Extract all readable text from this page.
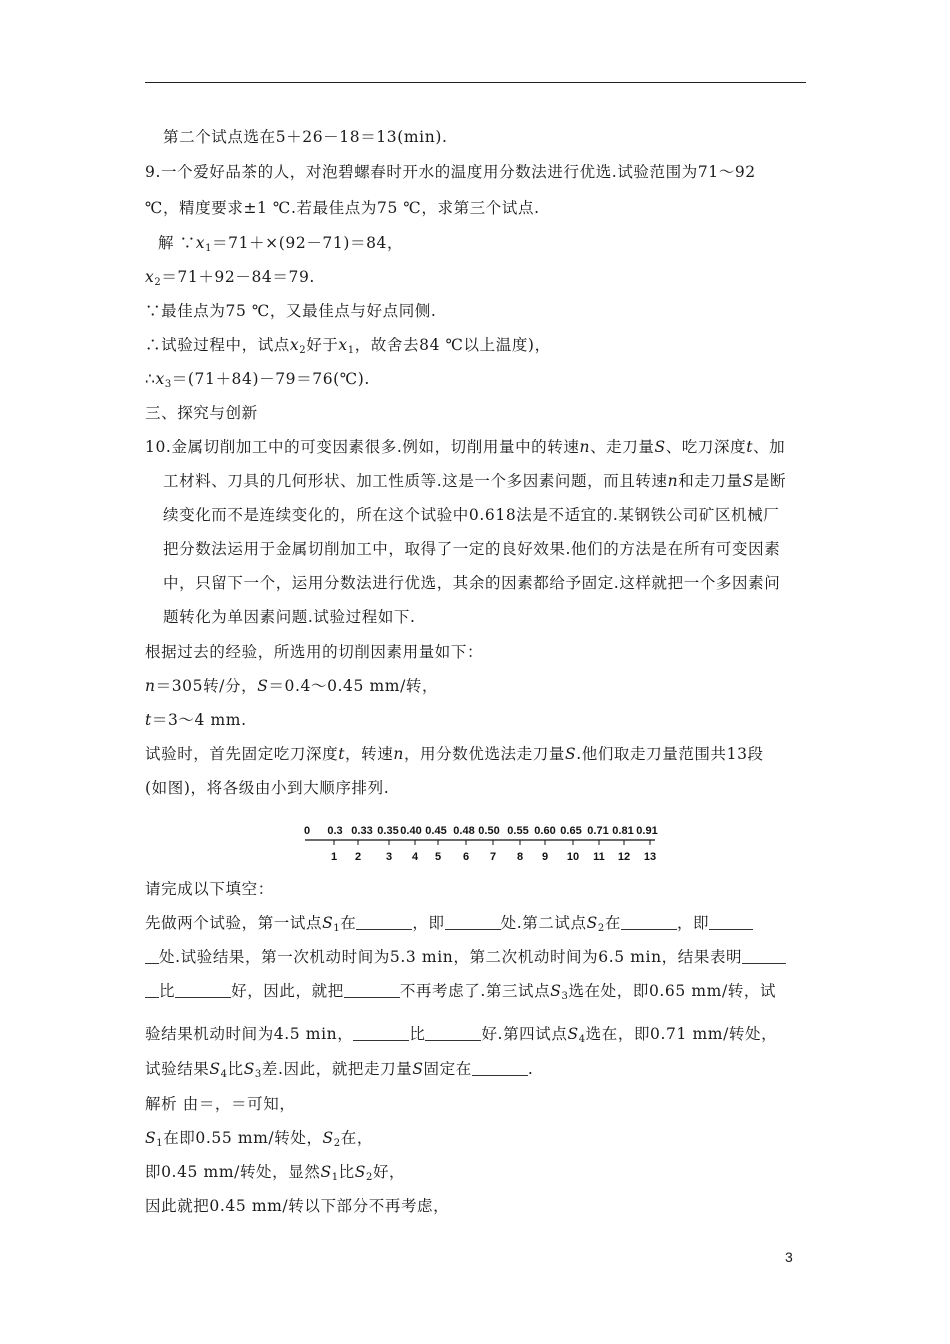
第二个试点选在5＋26－18＝13(min).
9.一个爱好品茶的人，对泡碧螺春时开水的温度用分数法进行优选.试验范围为71～92
℃，精度要求±1 ℃.若最佳点为75 ℃，求第三个试点.
解 $\because x_1=71+\times(92-71)=84$，
$x_2=71+92-84=79$.
∵最佳点为75 ℃，又最佳点与好点同侧.
∴试验过程中，试点$x_2$好于$x_1$，故舍去84 ℃以上温度)，
$\therefore x_3=(71+84)-79=76(℃)$.
三、探究与创新
10.金属切削加工中的可变因素很多.例如，切削用量中的转速n、走刀量S、吃刀深度t、加
工材料、刀具的几何形状、加工性质等.这是一个多因素问题，而且转速n和走刀量S是断
续变化而不是连续变化的，所在这个试验中0.618法是不适宜的.某钢铁公司矿区机械厂
把分数法运用于金属切削加工中，取得了一定的良好效果.他们的方法是在所有可变因素
中，只留下一个，运用分数法进行优选，其余的因素都给予固定.这样就把一个多因素问
题转化为单因素问题.试验过程如下.
根据过去的经验，所选用的切削因素用量如下：
n＝305转/分，S＝0.4～0.45 mm/转，
t＝3～4 mm.
试验时，首先固定吃刀深度t，转速n，用分数优选法走刀量S.他们取走刀量范围共13段
(如图)，将各级由小到大顺序排列.
0 0.3 0.33 0.35 0.40 0.45 0.48 0.50 0.55 0.60 0.65 0.71 0.81 0.91
1 2 3 4 5 6 7 8 9 10 11 12 13
请完成以下填空：
先做两个试验，第一试点$S_1$在	，即	处.第二试点$S_2$在	，即
处.试验结果，第一次机动时间为5.3 min，第二次机动时间为6.5 min，结果表明
比	好，因此，就把	不再考虑了.第三试点$S_3$选在处，即0.65 mm/转，试
验结果机动时间为4.5 min，	比	好.第四试点$S_4$选在，即0.71 mm/转处，
试验结果$S_4$比$S_3$差.因此，就把走刀量S固定在	.
解析 由＝，＝可知，
$S_1$在即0.55 mm/转处，$S_2$在，
即0.45 mm/转处，显然$S_1$比$S_2$好，
因此就把0.45 mm/转以下部分不再考虑，
3
